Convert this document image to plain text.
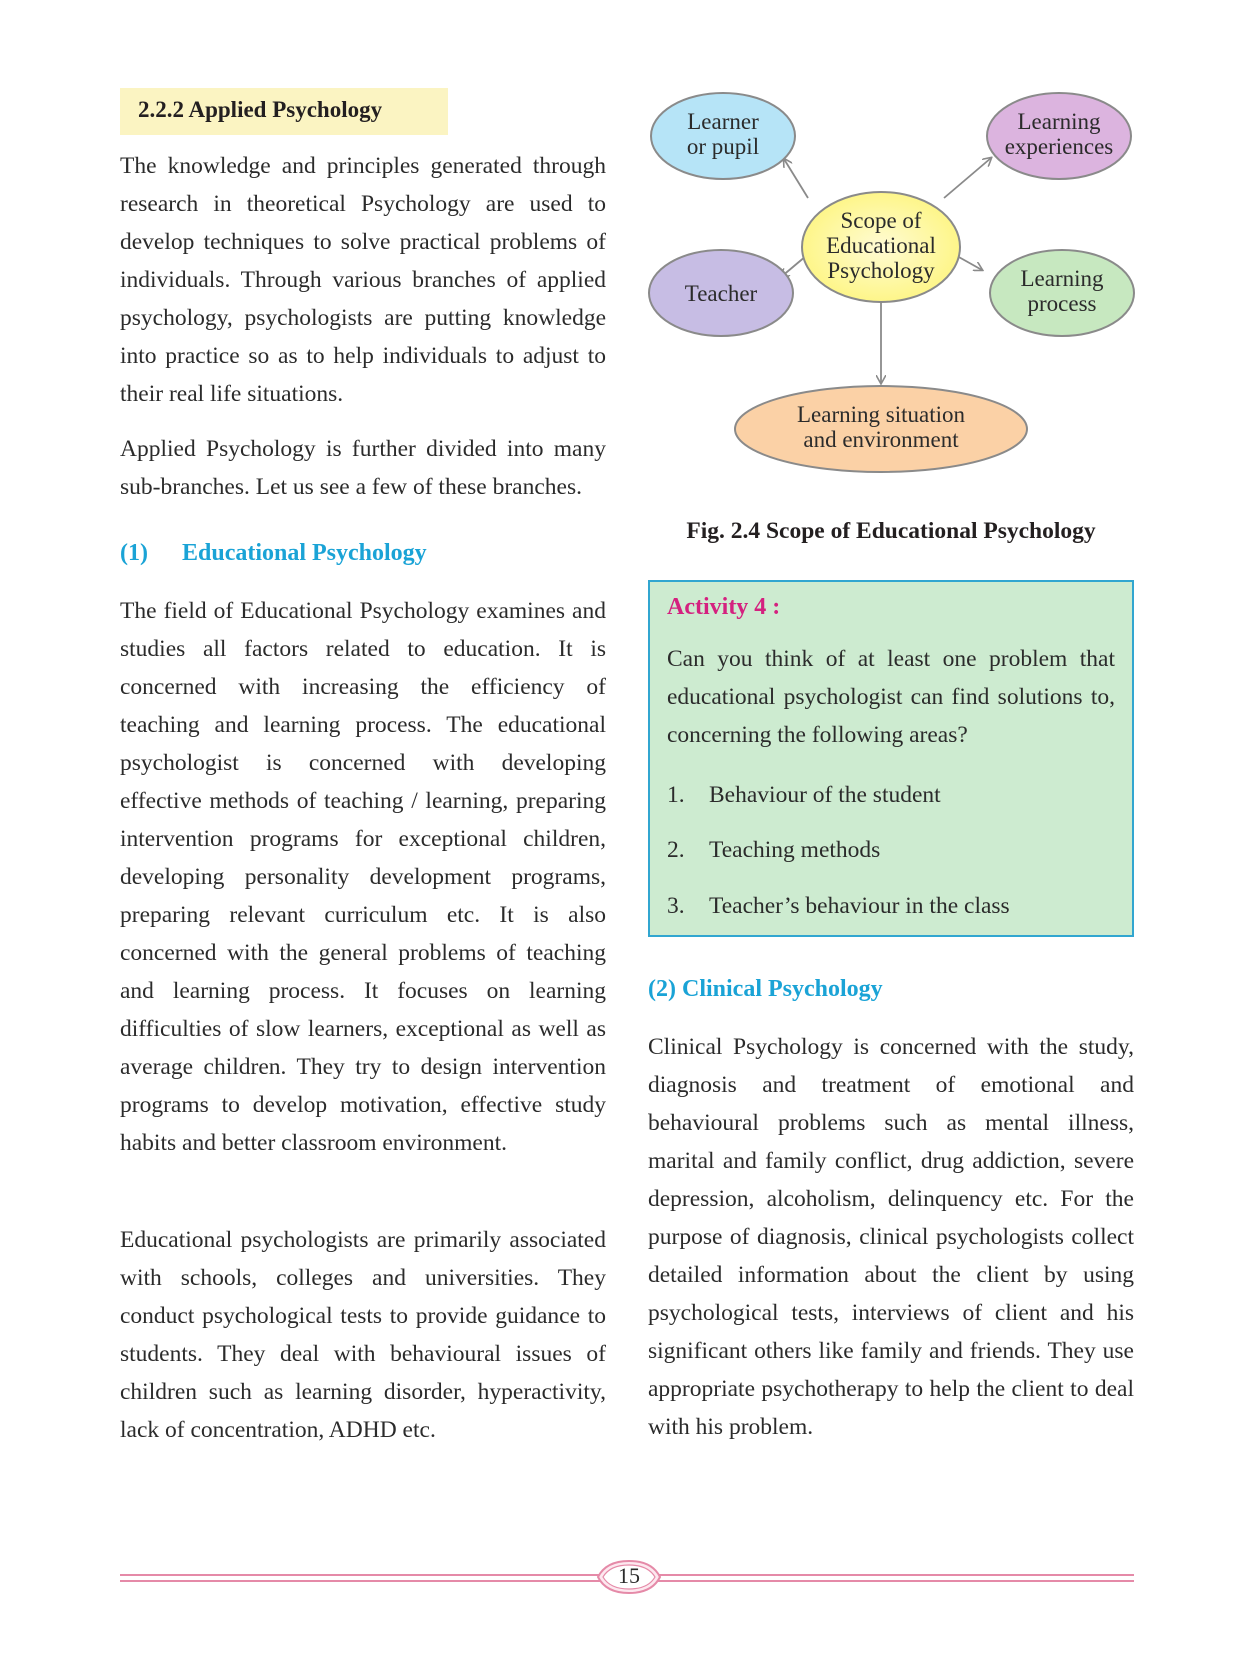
2.2.2 Applied Psychology

The knowledge and principles generated through research in theoretical Psychology are used to develop techniques to solve practical problems of individuals. Through various branches of applied psychology, psychologists are putting knowledge into practice so as to help individuals to adjust to their real life situations.

Applied Psychology is further divided into many sub-branches. Let us see a few of these branches.

(1) Educational Psychology

The field of Educational Psychology examines and studies all factors related to education. It is concerned with increasing the efficiency of teaching and learning process. The educational psychologist is concerned with developing effective methods of teaching / learning, preparing intervention programs for exceptional children, developing personality development programs, preparing relevant curriculum etc. It is also concerned with the general problems of teaching and learning process. It focuses on learning difficulties of slow learners, exceptional as well as average children. They try to design intervention programs to develop motivation, effective study habits and better classroom environment.

Educational psychologists are primarily associated with schools, colleges and universities. They conduct psychological tests to provide guidance to students. They deal with behavioural issues of children such as learning disorder, hyperactivity, lack of concentration, ADHD etc.

Learner
or pupil
Learning
experiences
Scope of
Educational
Psychology
Teacher
Learning
process
Learning situation
and environment
Fig. 2.4 Scope of Educational Psychology
Activity 4 :

Can you think of at least one problem that educational psychologist can find solutions to, concerning the following areas?

1. Behaviour of the student
2. Teaching methods
3. Teacher’s behaviour in the class
(2) Clinical Psychology

Clinical Psychology is concerned with the study, diagnosis and treatment of emotional and behavioural problems such as mental illness, marital and family conflict, drug addiction, severe depression, alcoholism, delinquency etc. For the purpose of diagnosis, clinical psychologists collect detailed information about the client by using psychological tests, interviews of client and his significant others like family and friends. They use appropriate psychotherapy to help the client to deal with his problem.

15
